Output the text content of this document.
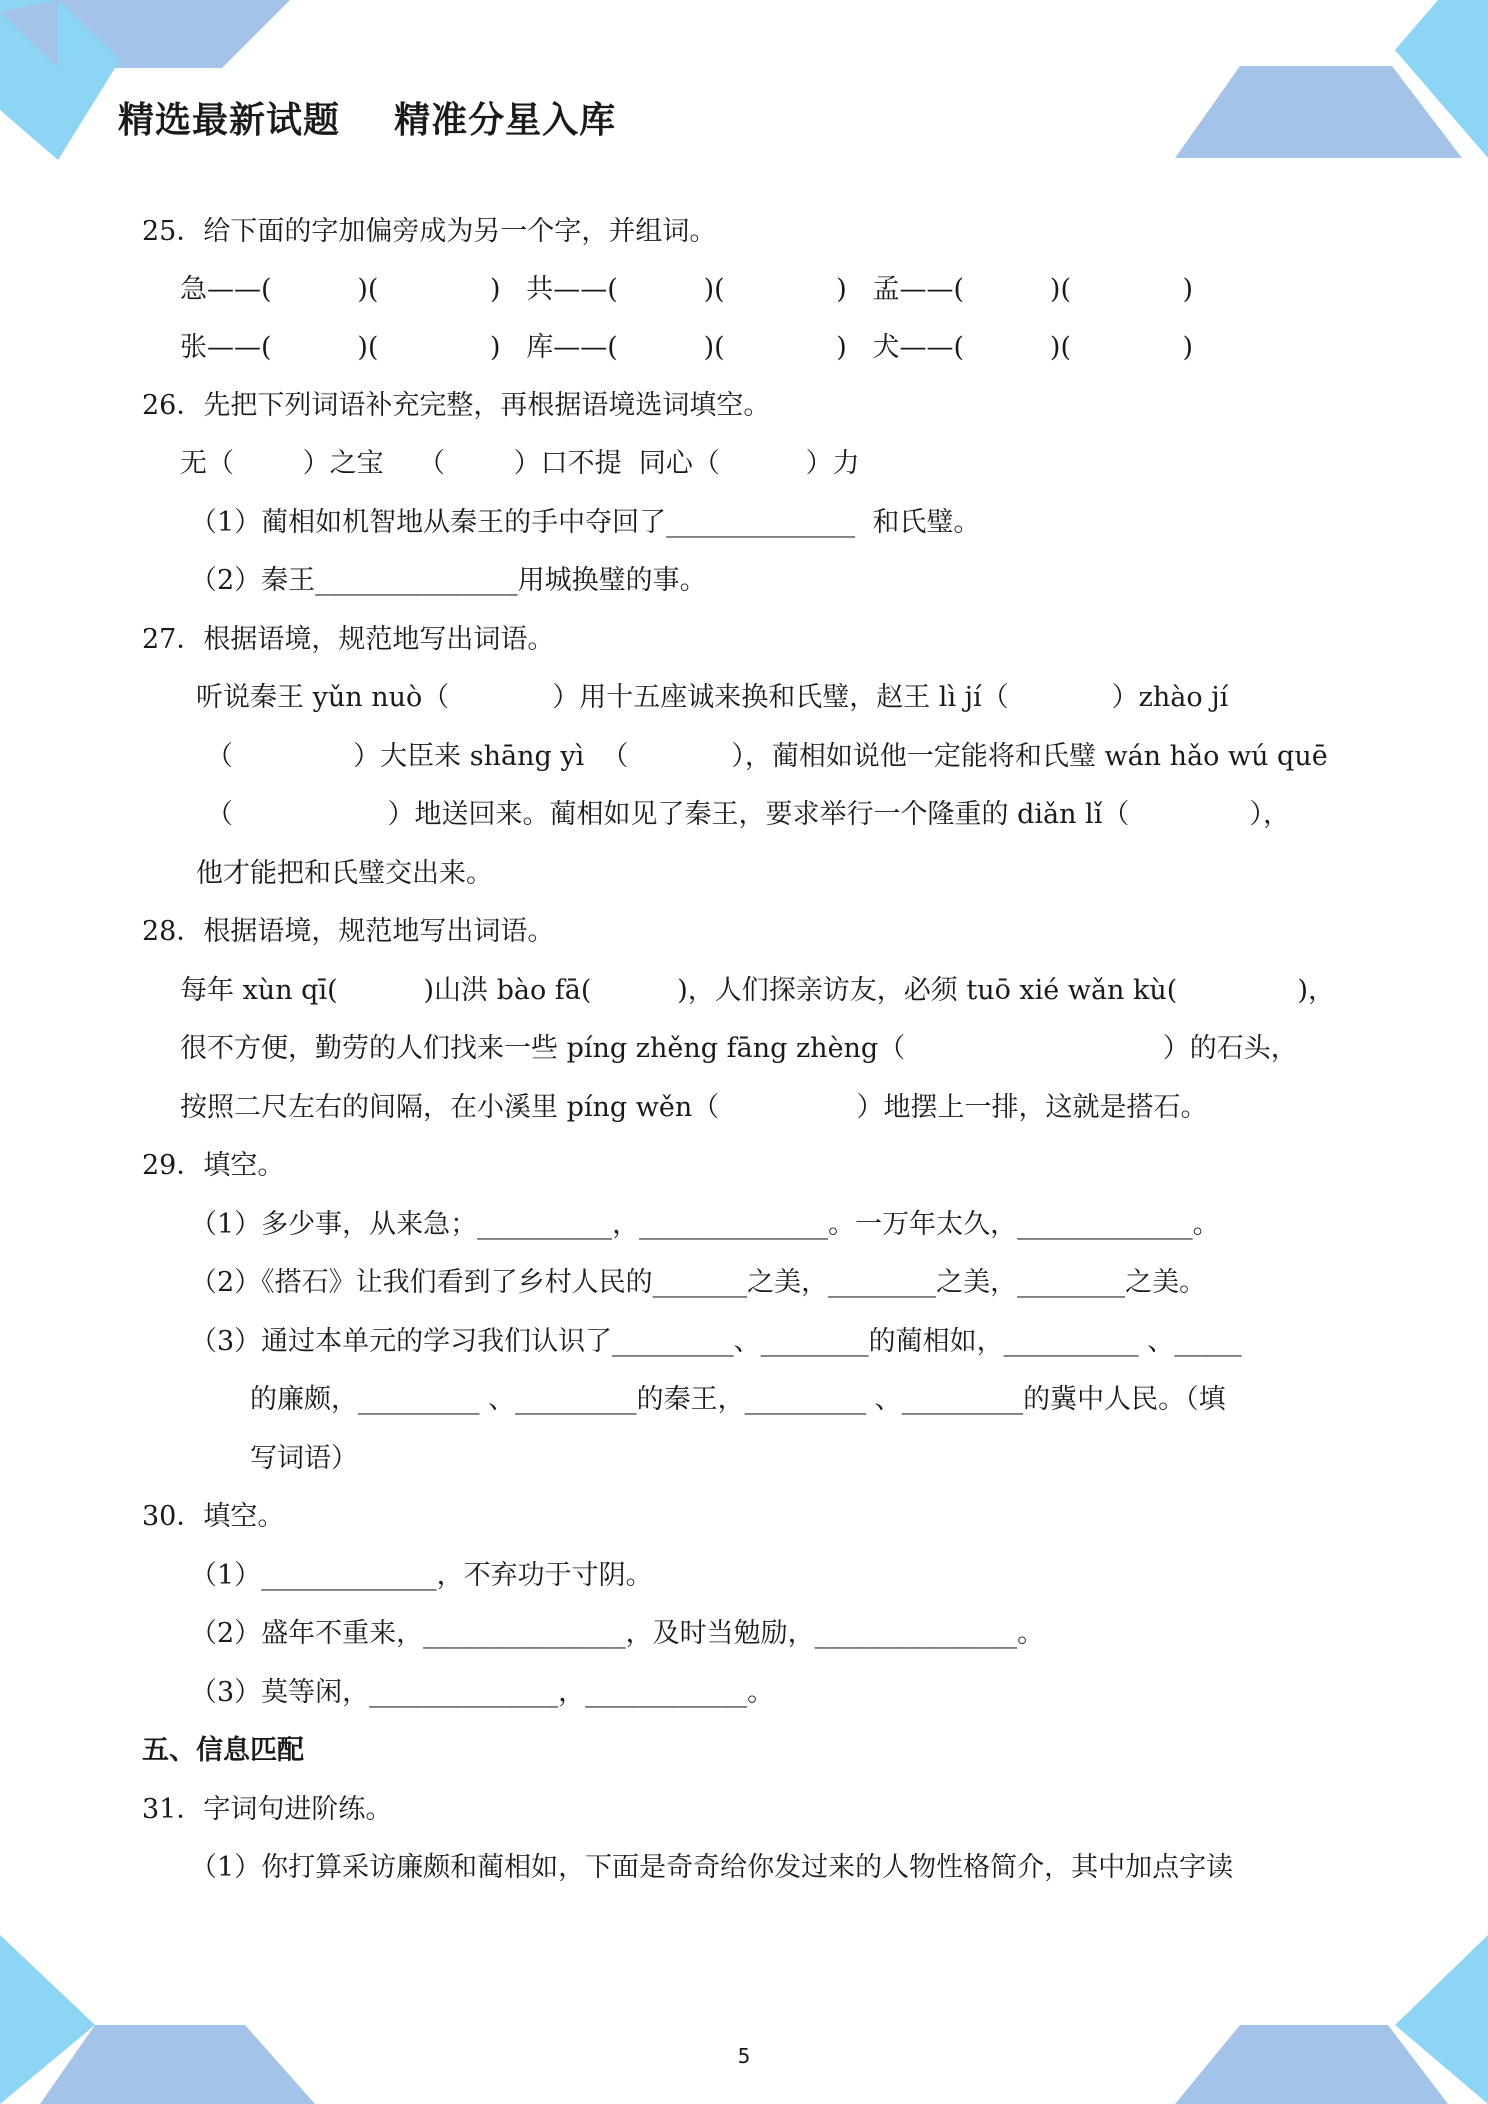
精选最新试题    精准分星入库
25．给下面的字加偏旁成为另一个字，并组词。
急——(          )(             )   共——(          )(             )   孟——(          )(             )
张——(          )(             )   库——(          )(             )   犬——(          )(             )
26．先把下列词语补充完整，再根据语境选词填空。
无（        ）之宝    （        ）口不提  同心（          ）力
（1）蔺相如机智地从秦王的手中夺回了______________  和氏璧。
（2）秦王_______________用城换璧的事。
27．根据语境，规范地写出词语。
听说秦王 yǔn nuò（            ）用十五座诚来换和氏璧，赵王 lì jí（            ）zhào jí
（              ）大臣来 shāng yì  （            ），蔺相如说他一定能将和氏璧 wán hǎo wú quē
（                  ）地送回来。蔺相如见了秦王，要求举行一个隆重的 diǎn lǐ（              ），
他才能把和氏璧交出来。
28．根据语境，规范地写出词语。
每年 xùn qī(          )山洪 bào fā(          )，人们探亲访友，必须 tuō xié wǎn kù(              )，
很不方便，勤劳的人们找来一些 píng zhěng fāng zhèng（                              ）的石头，
按照二尺左右的间隔，在小溪里 píng wěn（                ）地摆上一排，这就是搭石。
29．填空。
（1）多少事，从来急；__________，______________。一万年太久，_____________。
（2）《搭石》让我们看到了乡村人民的_______之美，________之美，________之美。
（3）通过本单元的学习我们认识了_________、________的蔺相如，__________ 、_____
的廉颇，_________ 、_________的秦王，_________ 、_________的冀中人民。（填
写词语）
30．填空。
（1）_____________，不弃功于寸阴。
（2）盛年不重来，_______________，及时当勉励，_______________。
（3）莫等闲，______________，____________。
五、信息匹配
31．字词句进阶练。
（1）你打算采访廉颇和蔺相如，下面是奇奇给你发过来的人物性格简介，其中加点字读
5
